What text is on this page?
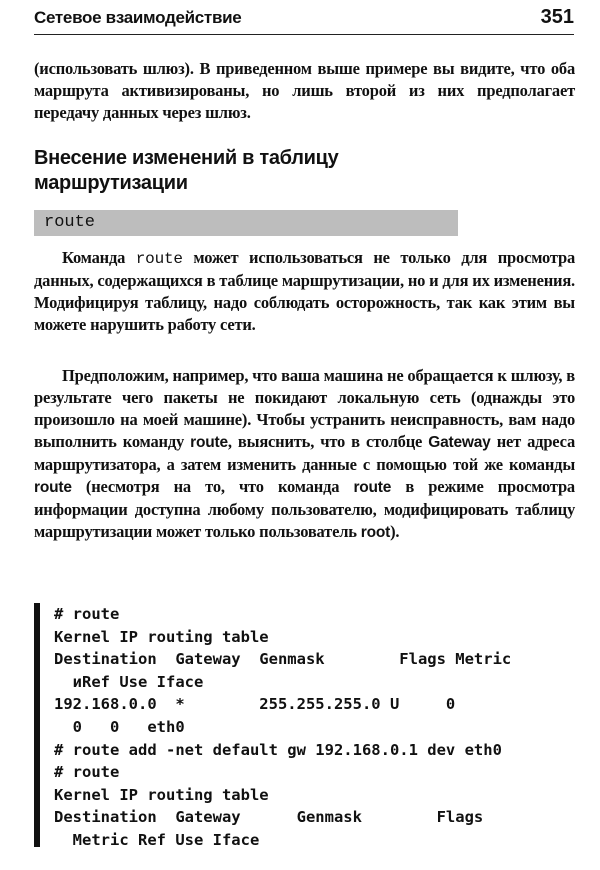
Сетевое взаимодействие	351
(использовать шлюз). В приведенном выше примере вы видите, что оба маршрута активизированы, но лишь второй из них предполагает передачу данных через шлюз.
Внесение изменений в таблицу
маршрутизации
route
Команда route может использоваться не только для просмотра данных, содержащихся в таблице маршрутизации, но и для их изменения. Модифицируя таблицу, надо соблюдать осторожность, так как этим вы можете нарушить работу сети.
Предположим, например, что ваша машина не обращается к шлюзу, в результате чего пакеты не покидают локальную сеть (однажды это произошло на моей машине). Чтобы устранить неисправность, вам надо выполнить команду route, выяснить, что в столбце Gateway нет адреса маршрутизатора, а затем изменить данные с помощью той же команды route (несмотря на то, что команда route в режиме просмотра информации доступна любому пользователю, модифицировать таблицу маршрутизации может только пользователь root).
# route
Kernel IP routing table
Destination  Gateway  Genmask        Flags Metric
иRef Use Iface
192.168.0.0  *        255.255.255.0 U     0
0   0   eth0
# route add -net default gw 192.168.0.1 dev eth0
# route
Kernel IP routing table
Destination  Gateway      Genmask        Flags
Metric Ref Use Iface
